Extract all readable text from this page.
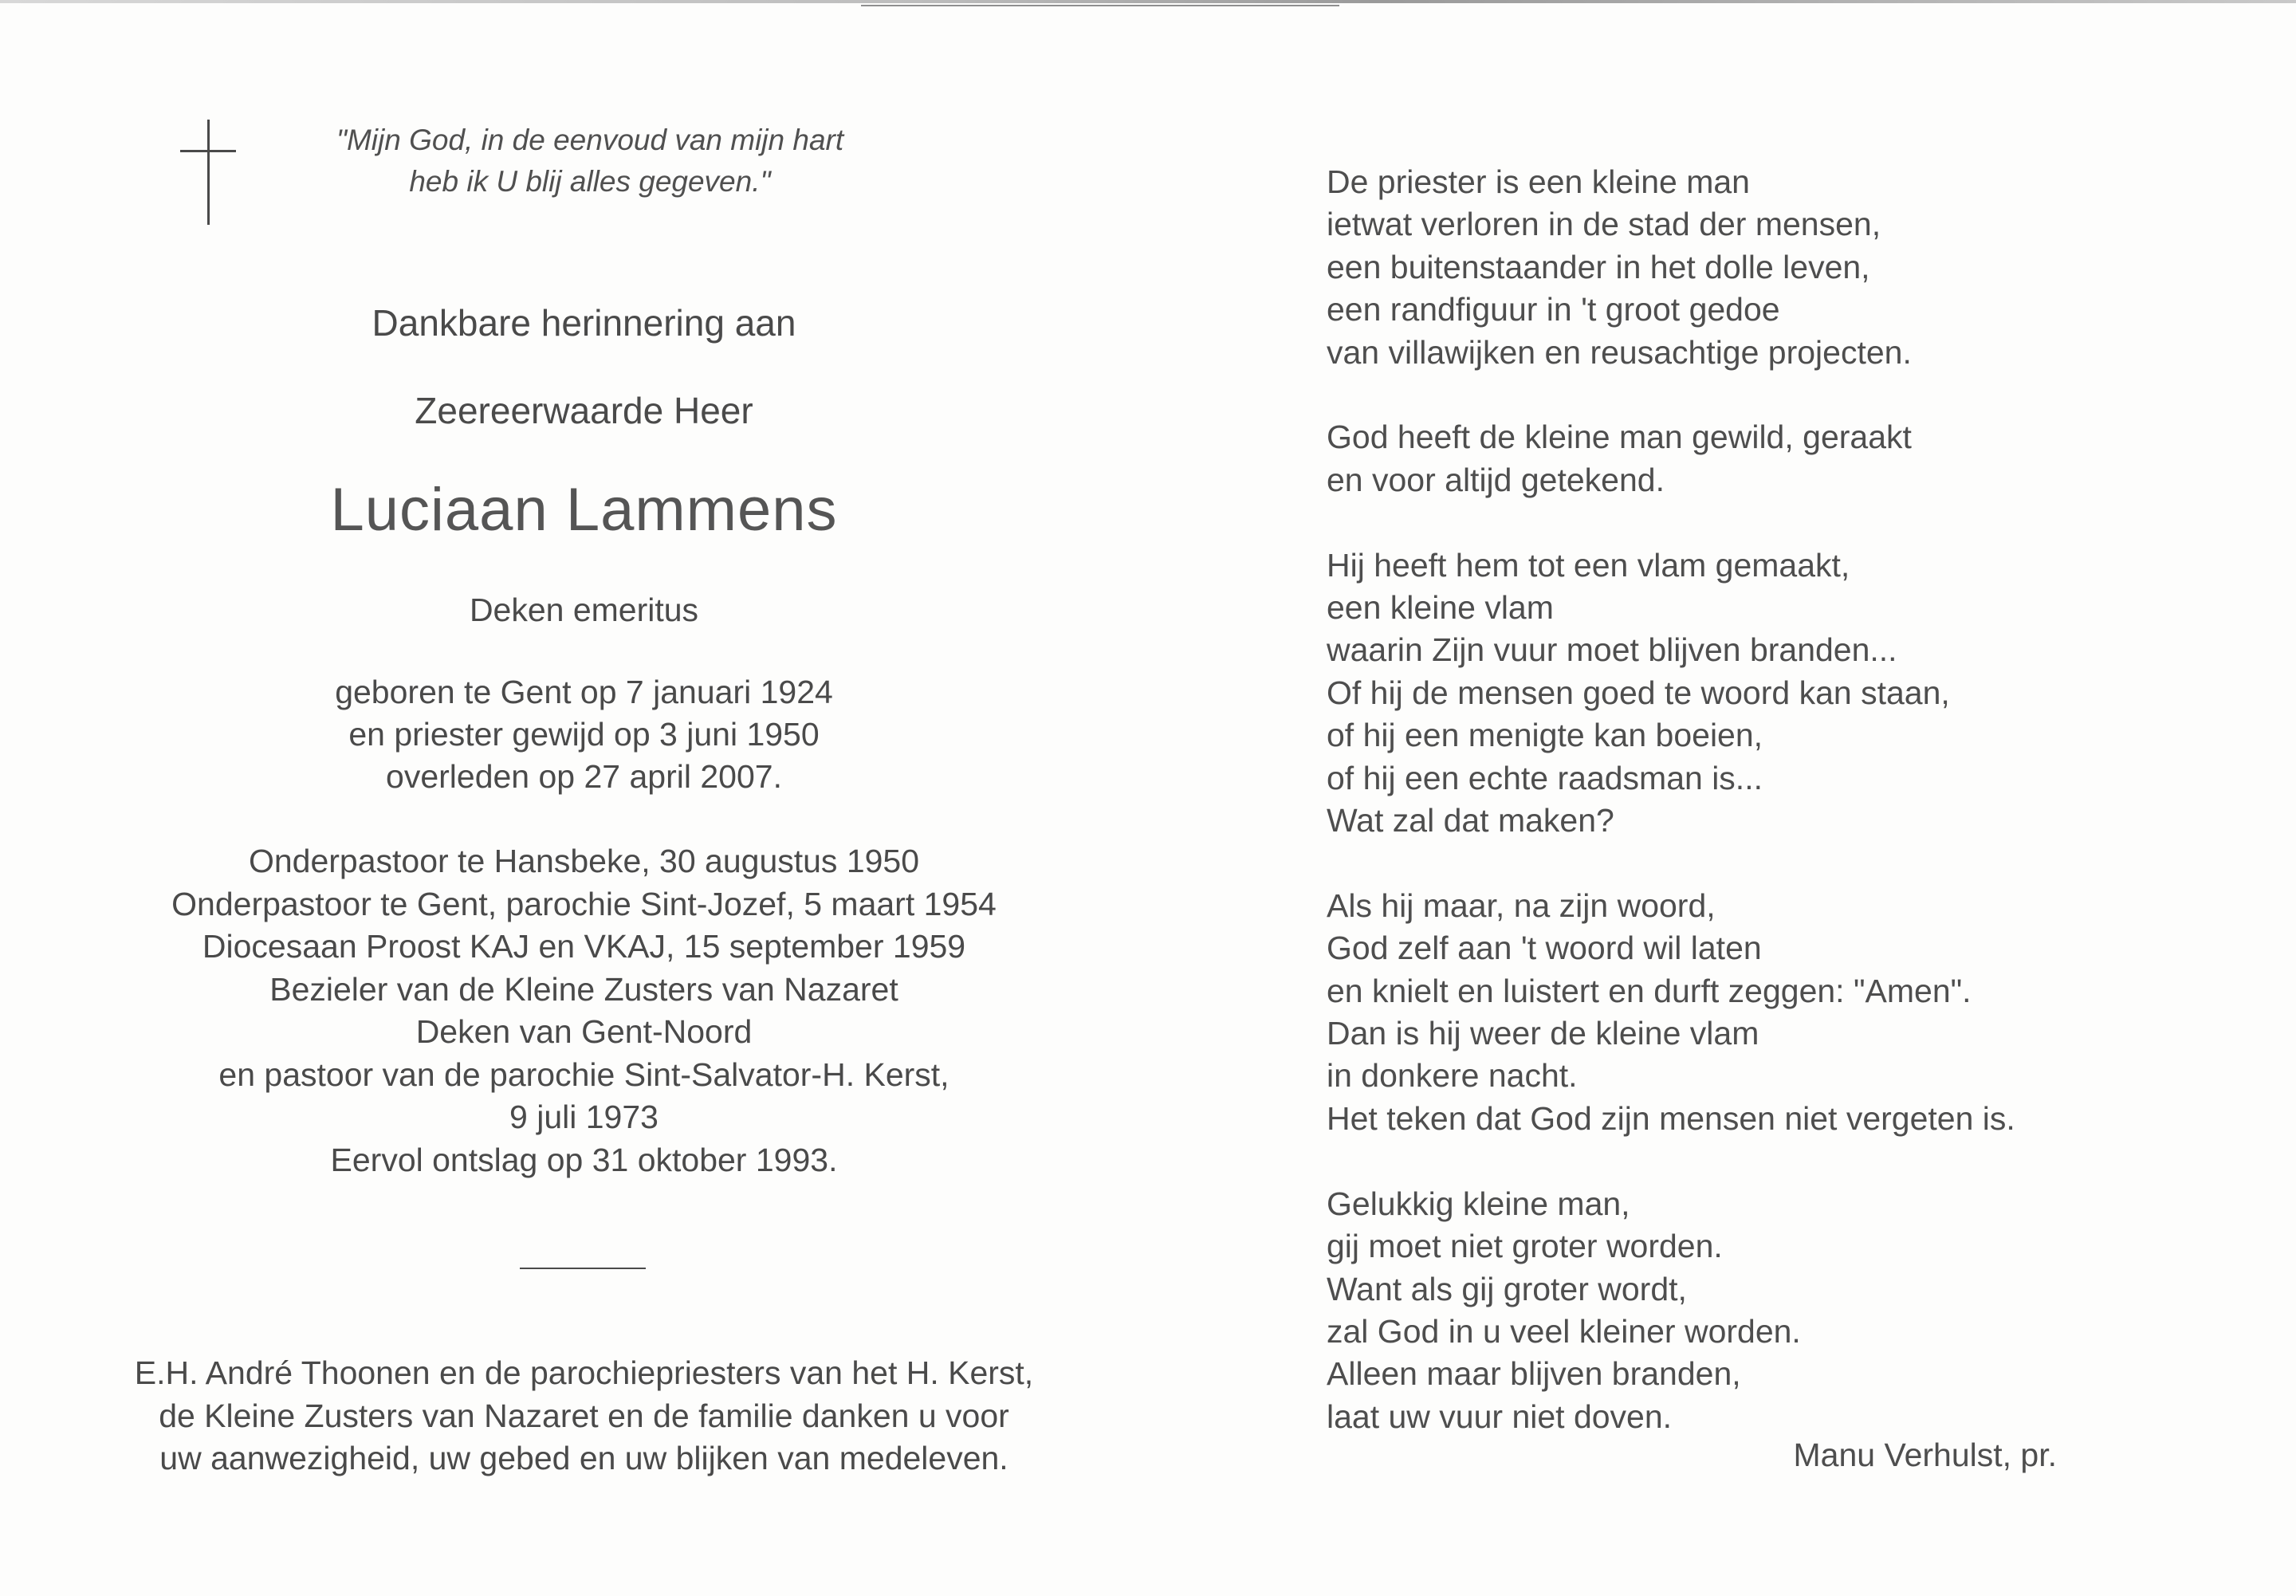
"Mijn God, in de eenvoud van mijn hart
heb ik U blij alles gegeven."
Dankbare herinnering aan
Zeereerwaarde Heer
Luciaan Lammens
Deken emeritus
geboren te Gent op 7 januari 1924
en priester gewijd op 3 juni 1950
overleden op 27 april 2007.
Onderpastoor te Hansbeke, 30 augustus 1950
Onderpastoor te Gent, parochie Sint-Jozef, 5 maart 1954
Diocesaan Proost KAJ en VKAJ, 15 september 1959
Bezieler van de Kleine Zusters van Nazaret
Deken van Gent-Noord
en pastoor van de parochie Sint-Salvator-H. Kerst,
9 juli 1973
Eervol ontslag op 31 oktober 1993.
E.H. André Thoonen en de parochiepriesters van het H. Kerst,
de Kleine Zusters van Nazaret en de familie danken u voor
uw aanwezigheid, uw gebed en uw blijken van medeleven.
De priester is een kleine man
ietwat verloren in de stad der mensen,
een buitenstaander in het dolle leven,
een randfiguur in 't groot gedoe
van villawijken en reusachtige projecten.
God heeft de kleine man gewild, geraakt
en voor altijd getekend.
Hij heeft hem tot een vlam gemaakt,
een kleine vlam
waarin Zijn vuur moet blijven branden...
Of hij de mensen goed te woord kan staan,
of hij een menigte kan boeien,
of hij een echte raadsman is...
Wat zal dat maken?
Als hij maar, na zijn woord,
God zelf aan 't woord wil laten
en knielt en luistert en durft zeggen: "Amen".
Dan is hij weer de kleine vlam
in donkere nacht.
Het teken dat God zijn mensen niet vergeten is.
Gelukkig kleine man,
gij moet niet groter worden.
Want als gij groter wordt,
zal God in u veel kleiner worden.
Alleen maar blijven branden,
laat uw vuur niet doven.
Manu Verhulst, pr.
